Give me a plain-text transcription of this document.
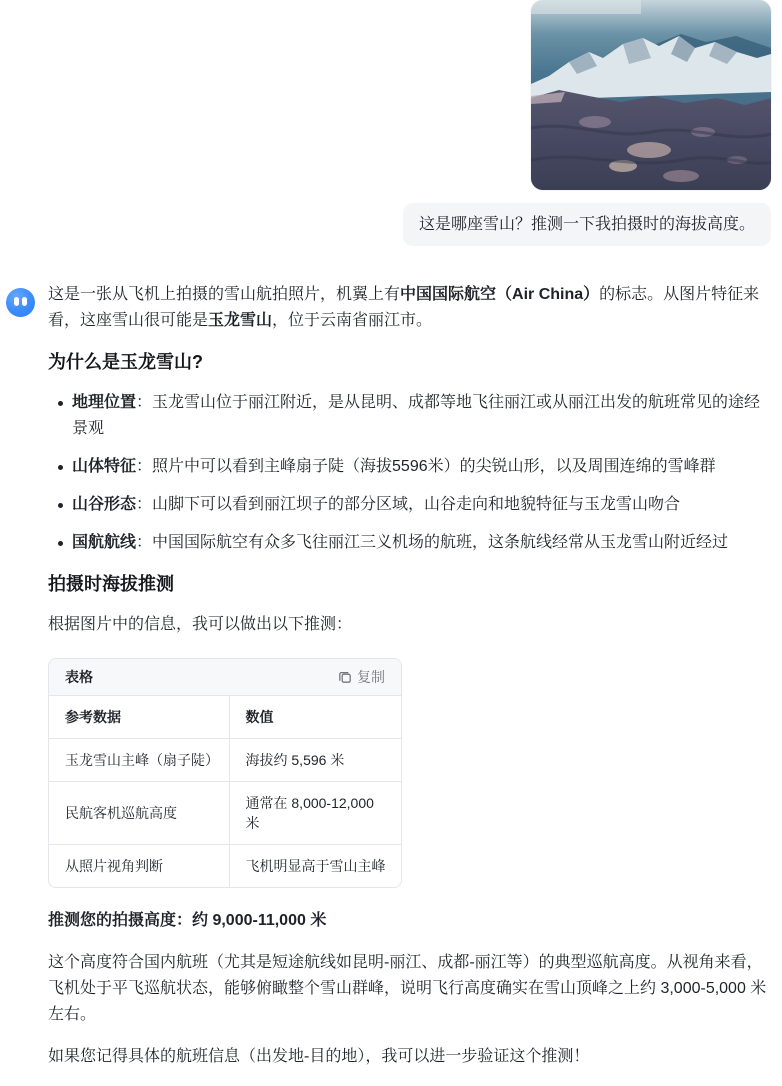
这是哪座雪山？推测一下我拍摄时的海拔高度。

这是一张从飞机上拍摄的雪山航拍照片，机翼上有中国国际航空（Air China）的标志。从图片特征来看，这座雪山很可能是玉龙雪山，位于云南省丽江市。

为什么是玉龙雪山?
地理位置：玉龙雪山位于丽江附近，是从昆明、成都等地飞往丽江或从丽江出发的航班常见的途经景观
山体特征：照片中可以看到主峰扇子陡（海拔5596米）的尖锐山形，以及周围连绵的雪峰群
山谷形态：山脚下可以看到丽江坝子的部分区域，山谷走向和地貌特征与玉龙雪山吻合
国航航线：中国国际航空有众多飞往丽江三义机场的航班，这条航线经常从玉龙雪山附近经过
拍摄时海拔推测

根据图片中的信息，我可以做出以下推测：

表格	复制
参考数据	数值
玉龙雪山主峰（扇子陡）	海拔约 5,596 米
民航客机巡航高度	通常在 8,000-12,000 米
从照片视角判断	飞机明显高于雪山主峰

推测您的拍摄高度：约 9,000-11,000 米

这个高度符合国内航班（尤其是短途航线如昆明-丽江、成都-丽江等）的典型巡航高度。从视角来看，飞机处于平飞巡航状态，能够俯瞰整个雪山群峰，说明飞行高度确实在雪山顶峰之上约 3,000-5,000 米左右。

如果您记得具体的航班信息（出发地-目的地），我可以进一步验证这个推测！
